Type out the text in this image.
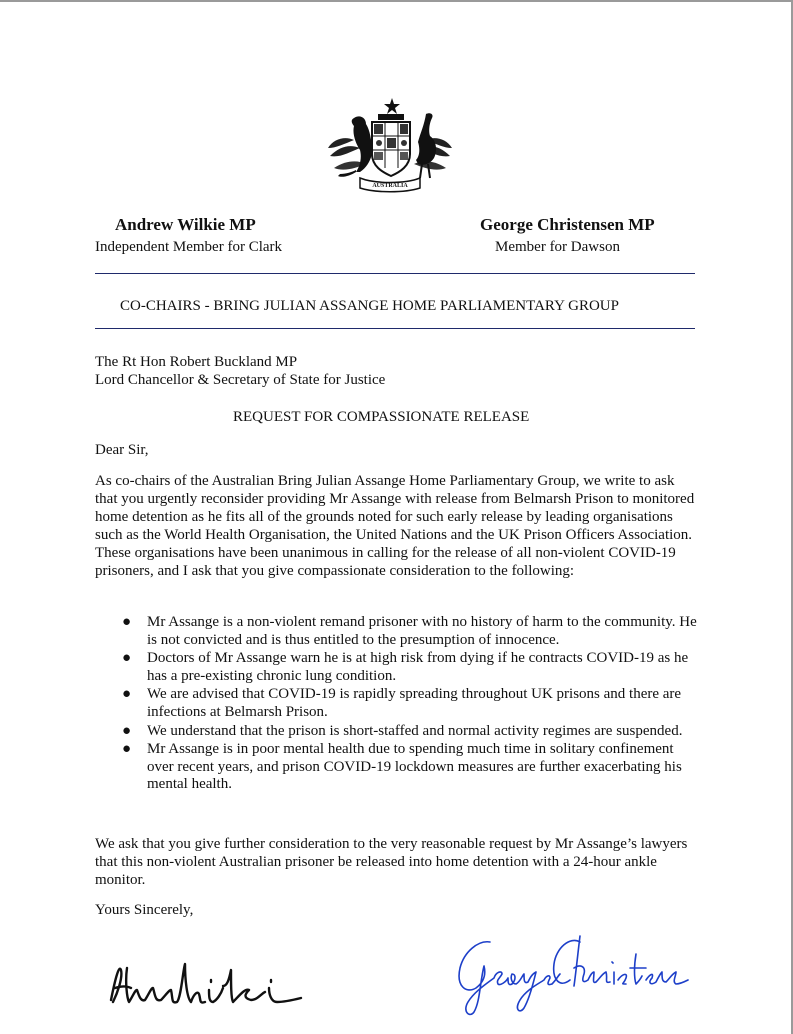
AUSTRALIA
Andrew Wilkie MP
Independent Member for Clark
George Christensen MP
Member for Dawson
CO-CHAIRS - BRING JULIAN ASSANGE HOME PARLIAMENTARY GROUP
The Rt Hon Robert Buckland MP
Lord Chancellor & Secretary of State for Justice
REQUEST FOR COMPASSIONATE RELEASE
Dear Sir,

As co-chairs of the Australian Bring Julian Assange Home Parliamentary Group, we write to ask that you urgently reconsider providing Mr Assange with release from Belmarsh Prison to monitored home detention as he fits all of the grounds noted for such early release by leading organisations such as the World Health Organisation, the United Nations and the UK Prison Officers Association. These organisations have been unanimous in calling for the release of all non-violent COVID-19 prisoners, and I ask that you give compassionate consideration to the following:

● Mr Assange is a non-violent remand prisoner with no history of harm to the community. He is not convicted and is thus entitled to the presumption of innocence.
● Doctors of Mr Assange warn he is at high risk from dying if he contracts COVID-19 as he has a pre-existing chronic lung condition.
● We are advised that COVID-19 is rapidly spreading throughout UK prisons and there are infections at Belmarsh Prison.
● We understand that the prison is short-staffed and normal activity regimes are suspended.
● Mr Assange is in poor mental health due to spending much time in solitary confinement over recent years, and prison COVID-19 lockdown measures are further exacerbating his mental health.

We ask that you give further consideration to the very reasonable request by Mr Assange’s lawyers that this non-violent Australian prisoner be released into home detention with a 24-hour ankle monitor.

Yours Sincerely,
